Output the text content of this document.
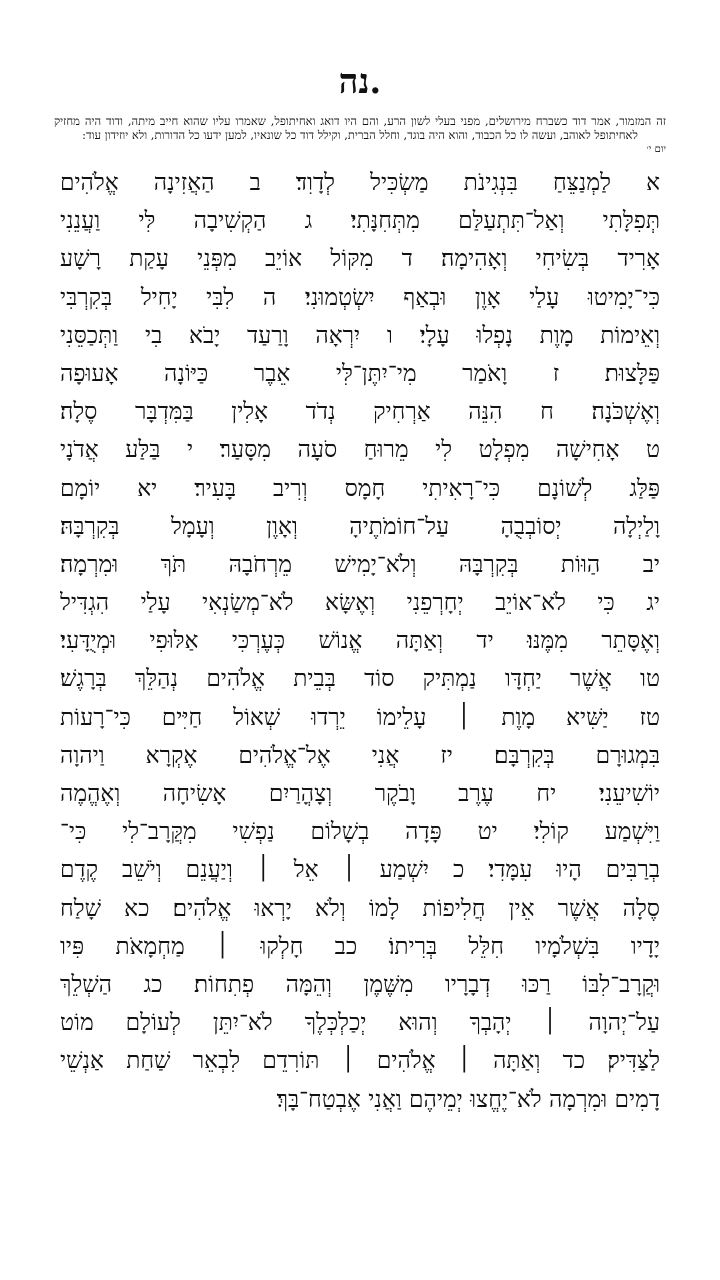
נה.
זה המזמור, אמר דוד כשברח מירושלים, מפני בעלי לשון הרע, והם היו דואג ואחיתופל, שאמרו עליו שהוא חייב מיתה, ודוד היה מחזיק לאחיתופל לאוהב, ועשה לו כל הכבוד, והוא היה בוגד, וחלל הברית, וקילל דוד כל שונאיו, למען ידעו כל הדורות, ולא יוזידון עוד:
יום י׳
א לַמְנַצֵּחַ בִּנְגִינֹת מַשְׂכִּיל לְדָוִד׃ ב הַאֲזִינָה אֱלֹהִים
תְּפִלָּתִי וְאַל־תִּתְעַלַּם מִתְּחִנָּתִי׃ ג הַקְשִׁיבָה לִּי וַעֲנֵנִי
אָרִיד בְּשִׂיחִי וְאָהִימָה׃ ד מִקּוֹל אוֹיֵב מִפְּנֵי עָקַת רָשָׁע
כִּי־יָמִיטוּ עָלַי אָוֶן וּבְאַף יִשְׂטְמוּנִי׃ ה לִבִּי יָחִיל בְּקִרְבִּי
וְאֵימוֹת מָוֶת נָפְלוּ עָלָי׃ ו יִרְאָה וָרַעַד יָבֹא בִי וַתְּכַסֵּנִי
פַּלָּצוּת׃ ז וָאֹמַר מִי־יִתֶּן־לִּי אֵבֶר כַּיּוֹנָה אָעוּפָה
וְאֶשְׁכֹּנָה׃ ח הִנֵּה אַרְחִיק נְדֹד אָלִין בַּמִּדְבָּר סֶלָה׃
ט אָחִישָׁה מִפְלָט לִי מֵרוּחַ סֹעָה מִסָּעַר׃ י בַּלַּע אֲדֹנָי
פַּלַּג לְשׁוֹנָם כִּי־רָאִיתִי חָמָס וְרִיב בָּעִיר׃ יא יוֹמָם
וָלַיְלָה יְסוֹבְבֻהָ עַל־חוֹמֹתֶיהָ וְאָוֶן וְעָמָל בְּקִרְבָּהּ׃
יב הַוּוֹת בְּקִרְבָּהּ וְלֹא־יָמִישׁ מֵרְחֹבָהּ תֹּךְ וּמִרְמָה׃
יג כִּי לֹא־אוֹיֵב יְחָרְפֵנִי וְאֶשָּׂא לֹא־מְשַׂנְאִי עָלַי הִגְדִּיל
וְאֶסָּתֵר מִמֶּנּוּ׃ יד וְאַתָּה אֱנוֹשׁ כְּעֶרְכִּי אַלּוּפִי וּמְיֻדָּעִי׃
טו אֲשֶׁר יַחְדָּו נַמְתִּיק סוֹד בְּבֵית אֱלֹהִים נְהַלֵּךְ בְּרָגֶשׁ׃
טז יַשִּׁיא מָוֶת ׀ עָלֵימוֹ יֵרְדוּ שְׁאוֹל חַיִּים כִּי־רָעוֹת
בִּמְגוּרָם בְּקִרְבָּם׃ יז אֲנִי אֶל־אֱלֹהִים אֶקְרָא וַיהוָה
יוֹשִׁיעֵנִי׃ יח עֶרֶב וָבֹקֶר וְצָהֳרַיִם אָשִׂיחָה וְאֶהֱמֶה
וַיִּשְׁמַע קוֹלִי׃ יט פָּדָה בְשָׁלוֹם נַפְשִׁי מִקֲּרָב־לִי כִּי־
בְרַבִּים הָיוּ עִמָּדִי׃ כ יִשְׁמַע ׀ אֵל ׀ וְיַעֲנֵם וְיֹשֵׁב קֶדֶם
סֶלָה אֲשֶׁר אֵין חֲלִיפוֹת לָמוֹ וְלֹא יָרְאוּ אֱלֹהִים׃ כא שָׁלַח
יָדָיו בִּשְׁלֹמָיו חִלֵּל בְּרִיתוֹ׃ כב חָלְקוּ ׀ מַחְמָאֹת פִּיו
וּקֲרָב־לִבּוֹ רַכּוּ דְבָרָיו מִשֶּׁמֶן וְהֵמָּה פְתִחוֹת׃ כג הַשְׁלֵךְ
עַל־יְהוָה ׀ יְהָבְךָ וְהוּא יְכַלְכְּלֶךָ לֹא־יִתֵּן לְעוֹלָם מוֹט
לַצַּדִּיק׃ כד וְאַתָּה ׀ אֱלֹהִים ׀ תּוֹרִדֵם לִבְאֵר שַׁחַת אַנְשֵׁי
דָמִים וּמִרְמָה לֹא־יֶחֱצוּ יְמֵיהֶם וַאֲנִי אֶבְטַח־בָּךְ׃
